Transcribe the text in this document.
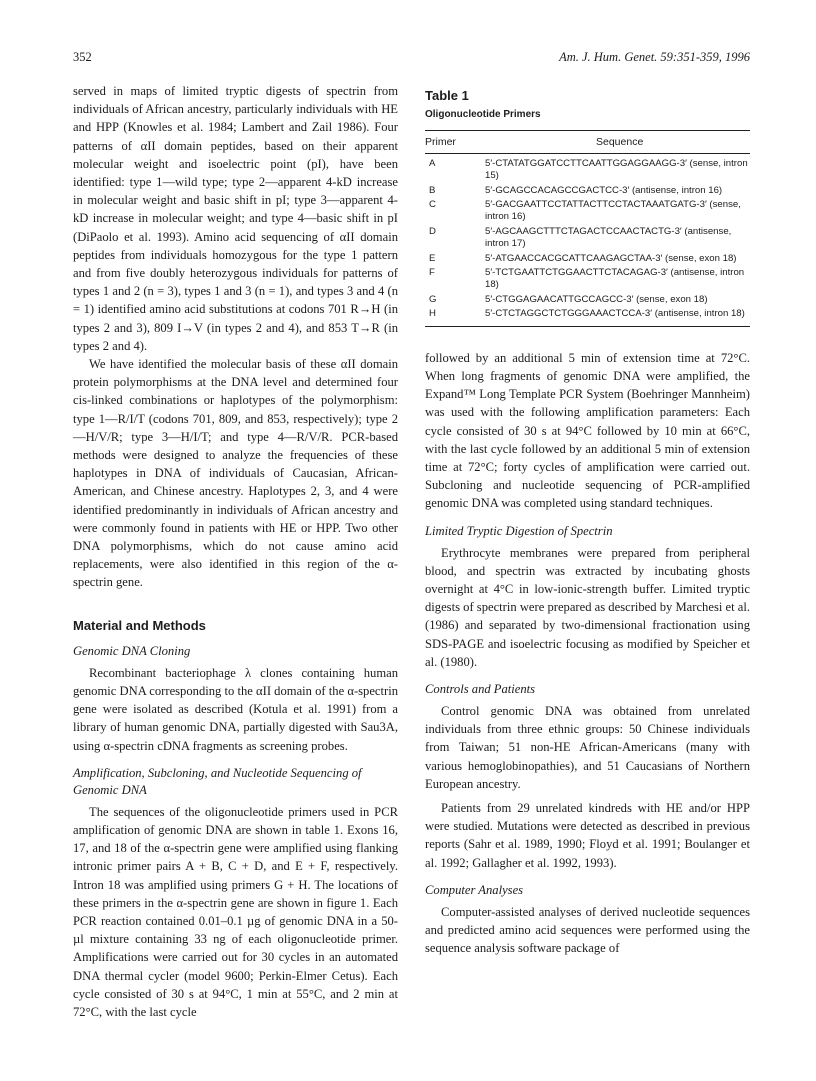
352	Am. J. Hum. Genet. 59:351-359, 1996

served in maps of limited tryptic digests of spectrin from individuals of African ancestry, particularly individuals with HE and HPP (Knowles et al. 1984; Lambert and Zail 1986). Four patterns of αII domain peptides, based on their apparent molecular weight and isoelectric point (pI), have been identified: type 1—wild type; type 2—apparent 4-kD increase in molecular weight and basic shift in pI; type 3—apparent 4-kD increase in molecular weight; and type 4—basic shift in pI (DiPaolo et al. 1993). Amino acid sequencing of αII domain peptides from individuals homozygous for the type 1 pattern and from five doubly heterozygous individuals for patterns of types 1 and 2 (n = 3), types 1 and 3 (n = 1), and types 3 and 4 (n = 1) identified amino acid substitutions at codons 701 R→H (in types 2 and 3), 809 I→V (in types 2 and 4), and 853 T→R (in types 2 and 4).

We have identified the molecular basis of these αII domain protein polymorphisms at the DNA level and determined four cis-linked combinations or haplotypes of the polymorphism: type 1—R/I/T (codons 701, 809, and 853, respectively); type 2—H/V/R; type 3—H/I/T; and type 4—R/V/R. PCR-based methods were designed to analyze the frequencies of these haplotypes in DNA of individuals of Caucasian, African-American, and Chinese ancestry. Haplotypes 2, 3, and 4 were identified predominantly in individuals of African ancestry and were commonly found in patients with HE or HPP. Two other DNA polymorphisms, which do not cause amino acid replacements, were also identified in this region of the α-spectrin gene.

Material and Methods
Genomic DNA Cloning

Recombinant bacteriophage λ clones containing human genomic DNA corresponding to the αII domain of the α-spectrin gene were isolated as described (Kotula et al. 1991) from a library of human genomic DNA, partially digested with Sau3A, using α-spectrin cDNA fragments as screening probes.

Amplification, Subcloning, and Nucleotide Sequencing of Genomic DNA

The sequences of the oligonucleotide primers used in PCR amplification of genomic DNA are shown in table 1. Exons 16, 17, and 18 of the α-spectrin gene were amplified using flanking intronic primer pairs A + B, C + D, and E + F, respectively. Intron 18 was amplified using primers G + H. The locations of these primers in the α-spectrin gene are shown in figure 1. Each PCR reaction contained 0.01–0.1 µg of genomic DNA in a 50-µl mixture containing 33 ng of each oligonucleotide primer. Amplifications were carried out for 30 cycles in an automated DNA thermal cycler (model 9600; Perkin-Elmer Cetus). Each cycle consisted of 30 s at 94°C, 1 min at 55°C, and 2 min at 72°C, with the last cycle

Table 1
Oligonucleotide Primers
Primer	Sequence

A	5′-CTATATGGATCCTTCAATTGGAGGAAGG-3′ (sense, intron 15)
B	5′-GCAGCCACAGCCGACTCC-3′ (antisense, intron 16)
C	5′-GACGAATTCCTATTACTTCCTACTAAATGATG-3′ (sense, intron 16)
D	5′-AGCAAGCTTTCTAGACTCCAACTACTG-3′ (antisense, intron 17)
E	5′-ATGAACCACGCATTCAAGAGCTAA-3′ (sense, exon 18)
F	5′-TCTGAATTCTGGAACTTCTACAGAG-3′ (antisense, intron 18)
G	5′-CTGGAGAACATTGCCAGCC-3′ (sense, exon 18)
H	5′-CTCTAGGCTCTGGGAAACTCCA-3′ (antisense, intron 18)

followed by an additional 5 min of extension time at 72°C. When long fragments of genomic DNA were amplified, the Expand™ Long Template PCR System (Boehringer Mannheim) was used with the following amplification parameters: Each cycle consisted of 30 s at 94°C followed by 10 min at 66°C, with the last cycle followed by an additional 5 min of extension time at 72°C; forty cycles of amplification were carried out. Subcloning and nucleotide sequencing of PCR-amplified genomic DNA was completed using standard techniques.

Limited Tryptic Digestion of Spectrin

Erythrocyte membranes were prepared from peripheral blood, and spectrin was extracted by incubating ghosts overnight at 4°C in low-ionic-strength buffer. Limited tryptic digests of spectrin were prepared as described by Marchesi et al. (1986) and separated by two-dimensional fractionation using SDS-PAGE and isoelectric focusing as modified by Speicher et al. (1980).

Controls and Patients

Control genomic DNA was obtained from unrelated individuals from three ethnic groups: 50 Chinese individuals from Taiwan; 51 non-HE African-Americans (many with various hemoglobinopathies), and 51 Caucasians of Northern European ancestry.

Patients from 29 unrelated kindreds with HE and/or HPP were studied. Mutations were detected as described in previous reports (Sahr et al. 1989, 1990; Floyd et al. 1991; Boulanger et al. 1992; Gallagher et al. 1992, 1993).

Computer Analyses

Computer-assisted analyses of derived nucleotide sequences and predicted amino acid sequences were performed using the sequence analysis software package of
